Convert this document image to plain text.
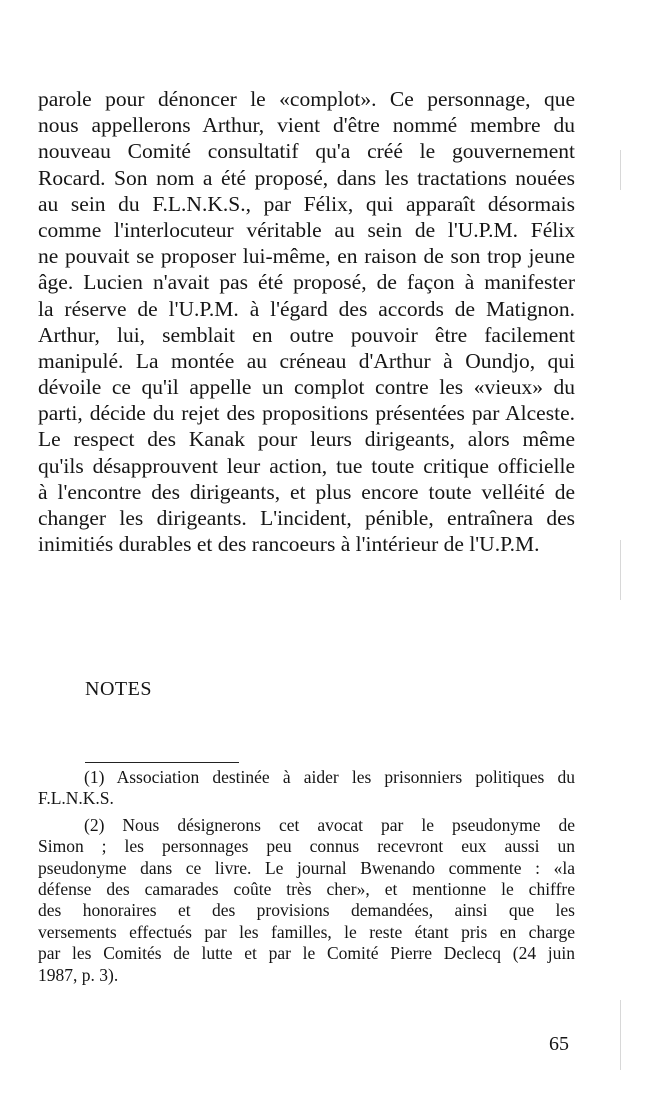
parole pour dénoncer le «complot». Ce personnage, que
nous appellerons Arthur, vient d'être nommé membre du
nouveau Comité consultatif qu'a créé le gouvernement
Rocard. Son nom a été proposé, dans les tractations nouées
au sein du F.L.N.K.S., par Félix, qui apparaît désormais
comme l'interlocuteur véritable au sein de l'U.P.M. Félix
ne pouvait se proposer lui-même, en raison de son trop jeune
âge. Lucien n'avait pas été proposé, de façon à manifester
la réserve de l'U.P.M. à l'égard des accords de Matignon.
Arthur, lui, semblait en outre pouvoir être facilement
manipulé. La montée au créneau d'Arthur à Oundjo, qui
dévoile ce qu'il appelle un complot contre les «vieux» du
parti, décide du rejet des propositions présentées par Alceste.
Le respect des Kanak pour leurs dirigeants, alors même
qu'ils désapprouvent leur action, tue toute critique officielle
à l'encontre des dirigeants, et plus encore toute velléité de
changer les dirigeants. L'incident, pénible, entraînera des
inimitiés durables et des rancoeurs à l'intérieur de l'U.P.M.
NOTES
(1) Association destinée à aider les prisonniers politiques du
F.L.N.K.S.
(2) Nous désignerons cet avocat par le pseudonyme de
Simon ; les personnages peu connus recevront eux aussi un
pseudonyme dans ce livre. Le journal Bwenando commente : «la
défense des camarades coûte très cher», et mentionne le chiffre
des honoraires et des provisions demandées, ainsi que les
versements effectués par les familles, le reste étant pris en charge
par les Comités de lutte et par le Comité Pierre Declecq (24 juin
1987, p. 3).
65
